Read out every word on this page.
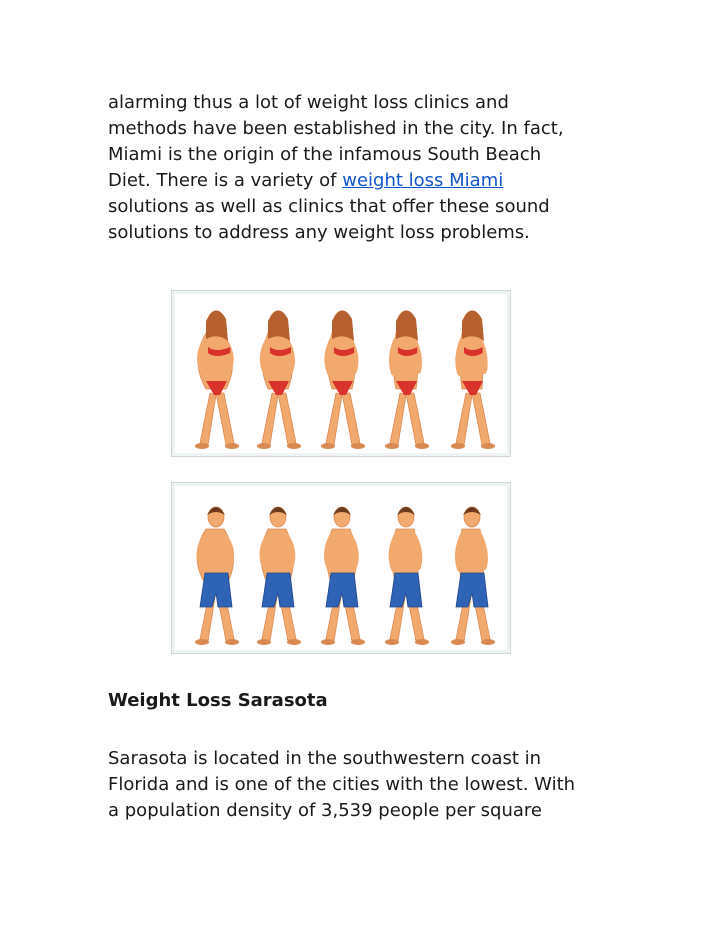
alarming thus a lot of weight loss clinics and
methods have been established in the city. In fact,
Miami is the origin of the infamous South Beach
Diet. There is a variety of weight loss Miami
solutions as well as clinics that offer these sound
solutions to address any weight loss problems.

Weight Loss Sarasota

Sarasota is located in the southwestern coast in
Florida and is one of the cities with the lowest. With
a population density of 3,539 people per square
